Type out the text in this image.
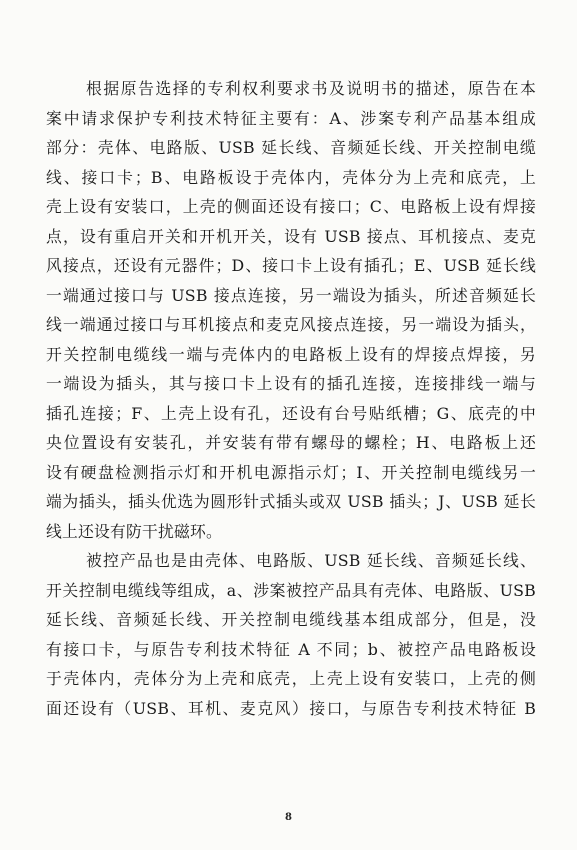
根据原告选择的专利权利要求书及说明书的描述，原告在本
案中请求保护专利技术特征主要有：A、涉案专利产品基本组成
部分：壳体、电路版、USB 延长线、音频延长线、开关控制电缆
线、接口卡；B、电路板设于壳体内，壳体分为上壳和底壳，上
壳上设有安装口，上壳的侧面还设有接口；C、电路板上设有焊接
点，设有重启开关和开机开关，设有 USB 接点、耳机接点、麦克
风接点，还设有元器件；D、接口卡上设有插孔；E、USB 延长线
一端通过接口与 USB 接点连接，另一端设为插头，所述音频延长
线一端通过接口与耳机接点和麦克风接点连接，另一端设为插头，
开关控制电缆线一端与壳体内的电路板上设有的焊接点焊接，另
一端设为插头，其与接口卡上设有的插孔连接，连接排线一端与
插孔连接；F、上壳上设有孔，还设有台号贴纸槽；G、底壳的中
央位置设有安装孔，并安装有带有螺母的螺栓；H、电路板上还
设有硬盘检测指示灯和开机电源指示灯；I、开关控制电缆线另一
端为插头，插头优选为圆形针式插头或双 USB 插头；J、USB 延长
线上还设有防干扰磁环。
被控产品也是由壳体、电路版、USB 延长线、音频延长线、
开关控制电缆线等组成，a、涉案被控产品具有壳体、电路版、USB
延长线、音频延长线、开关控制电缆线基本组成部分，但是，没
有接口卡，与原告专利技术特征 A 不同；b、被控产品电路板设
于壳体内，壳体分为上壳和底壳，上壳上设有安装口，上壳的侧
面还设有（USB、耳机、麦克风）接口，与原告专利技术特征 B
8
